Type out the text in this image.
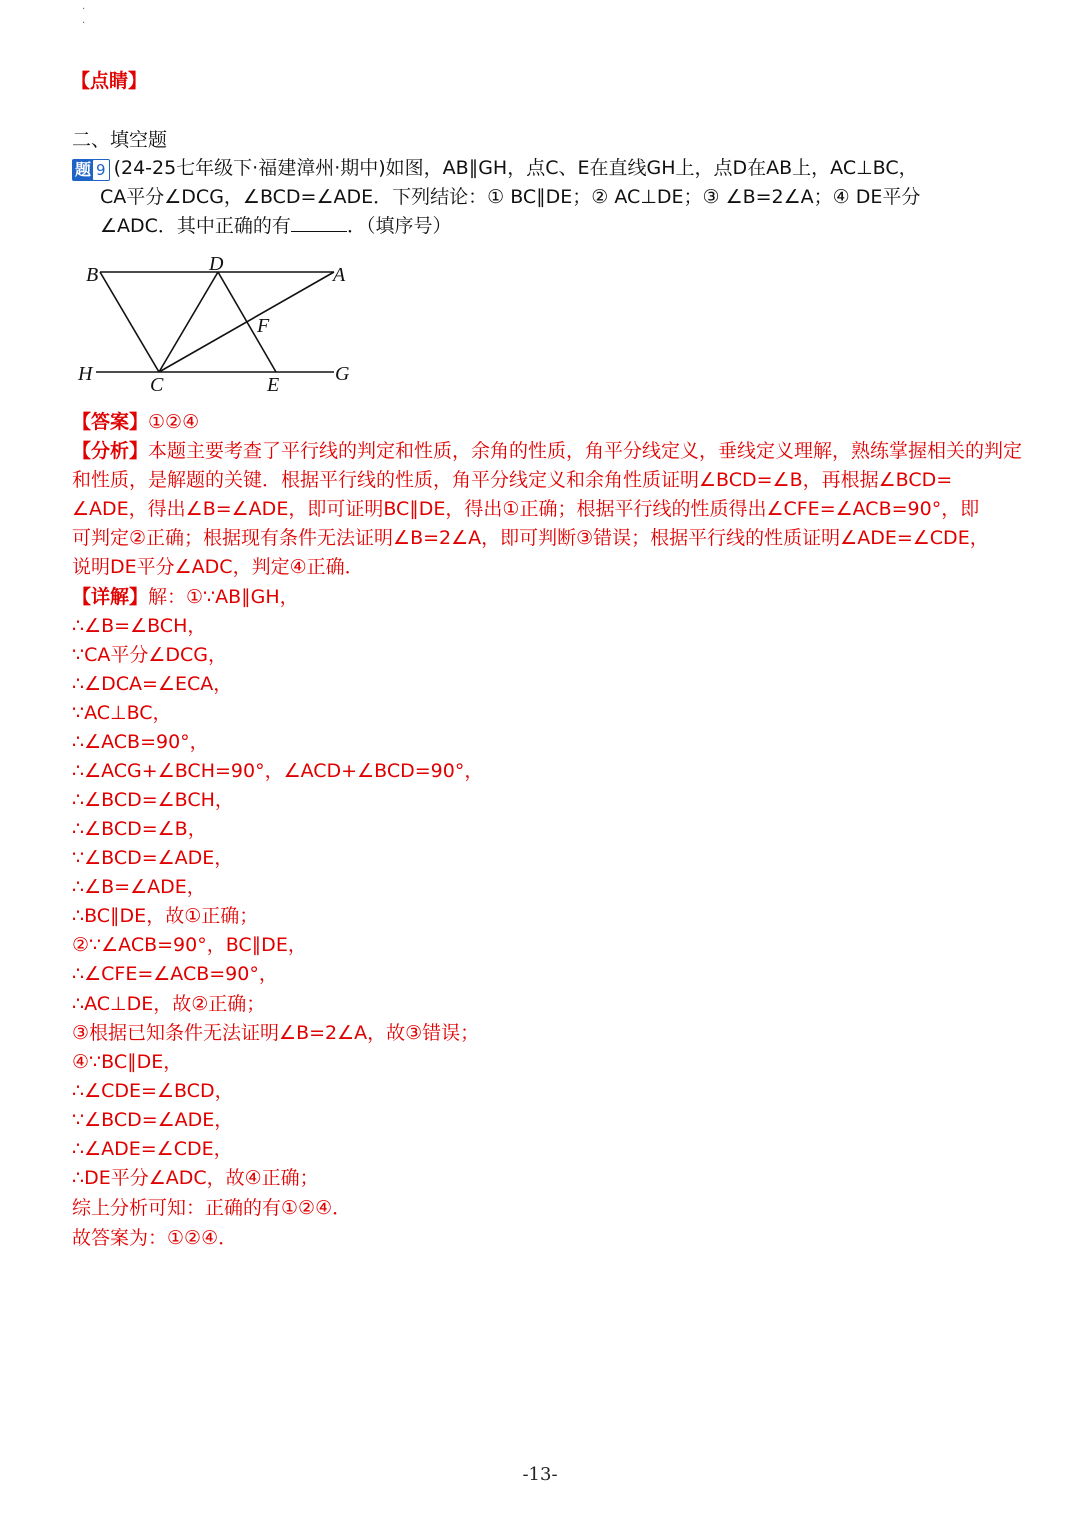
.
.
【点睛】
二、填空题
题 9 (24-25七年级下·福建漳州·期中)如图，AB∥GH，点C、E在直线GH上，点D在AB上，AC⊥BC，
CA平分∠DCG，∠BCD=∠ADE．下列结论：① BC∥DE；② AC⊥DE；③ ∠B=2∠A；④ DE平分
∠ADC．其中正确的有	．（填序号）
B	D	A
F
H	C	E	G
【答案】①②④
【分析】本题主要考查了平行线的判定和性质，余角的性质，角平分线定义，垂线定义理解，熟练掌握相关的判定
和性质，是解题的关键．根据平行线的性质，角平分线定义和余角性质证明∠BCD=∠B，再根据∠BCD=
∠ADE，得出∠B=∠ADE，即可证明BC∥DE，得出①正确；根据平行线的性质得出∠CFE=∠ACB=90°，即
可判定②正确；根据现有条件无法证明∠B=2∠A，即可判断③错误；根据平行线的性质证明∠ADE=∠CDE，
说明DE平分∠ADC，判定④正确．
【详解】解：①∵AB∥GH，
∴∠B=∠BCH，
∵CA平分∠DCG，
∴∠DCA=∠ECA，
∵AC⊥BC，
∴∠ACB=90°，
∴∠ACG+∠BCH=90°，∠ACD+∠BCD=90°，
∴∠BCD=∠BCH，
∴∠BCD=∠B，
∵∠BCD=∠ADE，
∴∠B=∠ADE，
∴BC∥DE，故①正确；
②∵∠ACB=90°，BC∥DE，
∴∠CFE=∠ACB=90°，
∴AC⊥DE，故②正确；
③根据已知条件无法证明∠B=2∠A，故③错误；
④∵BC∥DE，
∴∠CDE=∠BCD，
∵∠BCD=∠ADE，
∴∠ADE=∠CDE，
∴DE平分∠ADC，故④正确；
综上分析可知：正确的有①②④．
故答案为：①②④．
-13-
